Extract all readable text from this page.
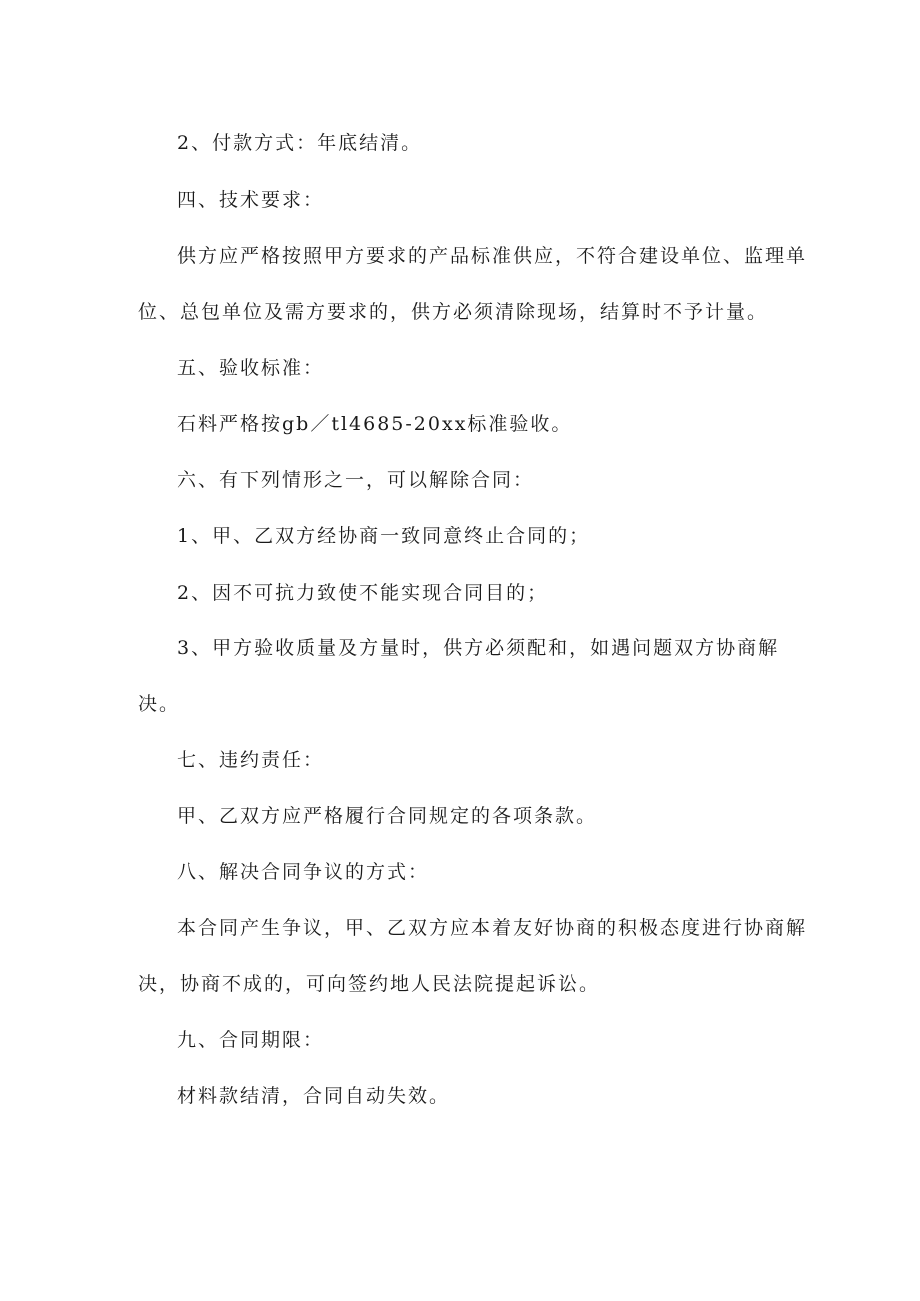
2、付款方式：年底结清。
四、技术要求：
供方应严格按照甲方要求的产品标准供应，不符合建设单位、监理单
位、总包单位及需方要求的，供方必须清除现场，结算时不予计量。
五、验收标准：
石料严格按gb／tl4685-20xx标准验收。
六、有下列情形之一，可以解除合同：
1、甲、乙双方经协商一致同意终止合同的；
2、因不可抗力致使不能实现合同目的；
3、甲方验收质量及方量时，供方必须配和，如遇问题双方协商解
决。
七、违约责任：
甲、乙双方应严格履行合同规定的各项条款。
八、解决合同争议的方式：
本合同产生争议，甲、乙双方应本着友好协商的积极态度进行协商解
决，协商不成的，可向签约地人民法院提起诉讼。
九、合同期限：
材料款结清，合同自动失效。
